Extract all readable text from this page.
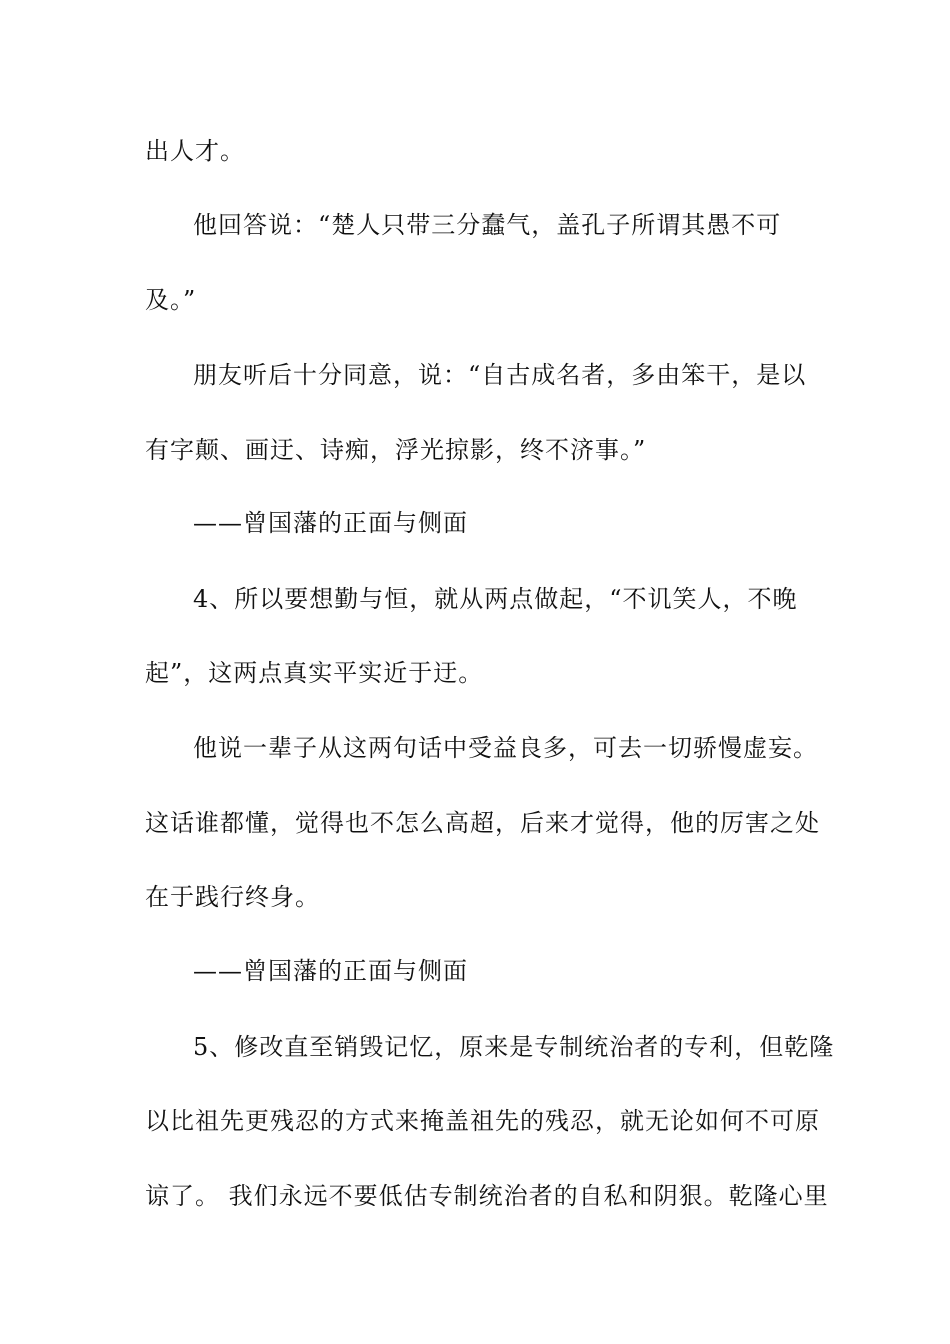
出人才。
他回答说：“楚人只带三分蠢气，盖孔子所谓其愚不可
及。”
朋友听后十分同意，说：“自古成名者，多由笨干，是以
有字颠、画迂、诗痴，浮光掠影，终不济事。”
——曾国藩的正面与侧面
4、所以要想勤与恒，就从两点做起，“不讥笑人，不晚
起”，这两点真实平实近于迂。
他说一辈子从这两句话中受益良多，可去一切骄慢虚妄。
这话谁都懂，觉得也不怎么高超，后来才觉得，他的厉害之处
在于践行终身。
——曾国藩的正面与侧面
5、修改直至销毁记忆，原来是专制统治者的专利，但乾隆
以比祖先更残忍的方式来掩盖祖先的残忍，就无论如何不可原
谅了。 我们永远不要低估专制统治者的自私和阴狠。乾隆心里
